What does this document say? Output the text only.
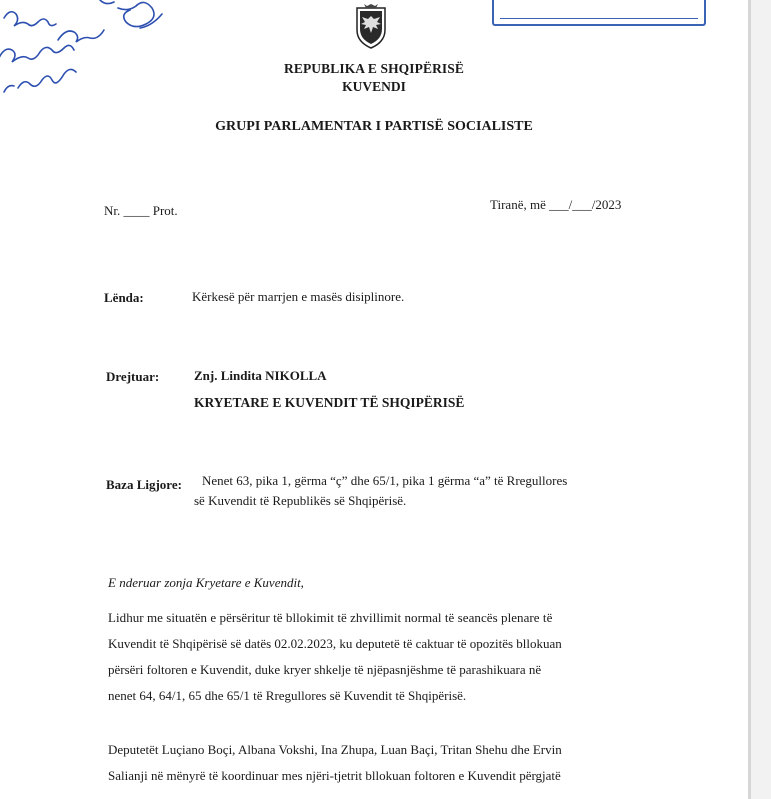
REPUBLIKA E SHQIPËRISË
KUVENDI
GRUPI PARLAMENTAR I PARTISË SOCIALISTE
Nr. ____ Prot.	Tiranë, më ___/___/2023
Lënda:	Kërkesë për marrjen e masës disiplinore.
Drejtuar:	Znj. Lindita NIKOLLA
KRYETARE E KUVENDIT TË SHQIPËRISË
Baza Ligjore: Nenet 63, pika 1, gërma “ç” dhe 65/1, pika 1 gërma “a” të Rregullores
së Kuvendit të Republikës së Shqipërisë.
E nderuar zonja Kryetare e Kuvendit,
Lidhur me situatën e përsëritur të bllokimit të zhvillimit normal të seancës plenare të
Kuvendit të Shqipërisë së datës 02.02.2023, ku deputetë të caktuar të opozitës bllokuan
përsëri foltoren e Kuvendit, duke kryer shkelje të njëpasnjëshme të parashikuara në
nenet 64, 64/1, 65 dhe 65/1 të Rregullores së Kuvendit të Shqipërisë.
Deputetët Luçiano Boçi, Albana Vokshi, Ina Zhupa, Luan Baçi, Tritan Shehu dhe Ervin
Salianji në mënyrë të koordinuar mes njëri-tjetrit bllokuan foltoren e Kuvendit përgjatë
